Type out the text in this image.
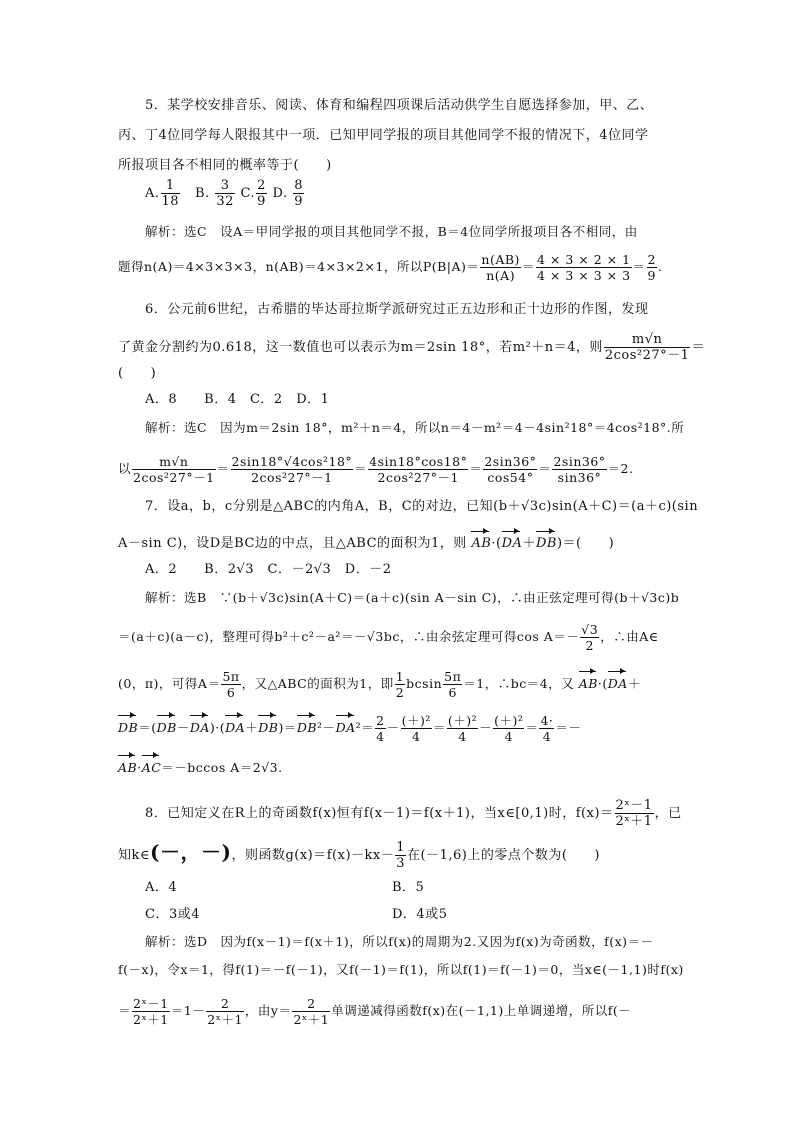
5．某学校安排音乐、阅读、体育和编程四项课后活动供学生自愿选择参加，甲、乙、
丙、丁4位同学每人限报其中一项．已知甲同学报的项目其他同学不报的情况下，4位同学
所报项目各不相同的概率等于(　　)
A. $\frac{1}{18} B$. $\frac{3}{32} C$. $\frac{2}{9} D$. $\frac{8}{9}$
解析：选C　设A＝甲同学报的项目其他同学不报，B＝4位同学所报项目各不相同，由
题得n(A)＝4×3×3×3，n(AB)＝4×3×2×1，所以$P(B|A)= \frac{n(AB)}{n(A)} = \frac{4 \times 3 \times 2 \times 1}{4 \times 3 \times 3 \times 3} = \frac{2}{9}$ .
6．公元前6世纪，古希腊的毕达哥拉斯学派研究过正五边形和正十边形的作图，发现
了黄金分割约为0.618，这一数值也可以表示为m＝2sin 18°，若m²＋n＝4，则 $\frac{m√n}{\text{2cos²27°－1}}$ ＝
(　　)
A．8　　B．4　C．2　D．1
解析：选C　因为m＝2sin 18°，m²＋n＝4，所以n＝4－m²＝4－4sin²18°＝4cos²18°.所
以 $\frac{m√n}{\text{2cos²27°－1}} = \frac{\text{2sin18°√4cos²18°}}{\text{2cos²27°－1}} = \frac{4\sin 18^\circ\cos 18^\circ}{\text{2cos²27°－1}} = \frac{2\sin 36^\circ}{\cos 54^\circ} = \frac{2\sin 36^\circ}{\sin 36^\circ} =2$.
7．设a，b，c分别是△ABC的内角A，B，C的对边，已知(b＋√3c)sin(A＋C)＝(a＋c)(sin
A－sin C)，设D是BC边的中点，且△ABC的面积为1，则 AB·(DA＋DB)＝(　　)
A．2　　B．2√3　C．－2√3　D．－2
解析：选B　∵(b＋√3c)sin(A＋C)＝(a＋c)(sin A－sin C)，∴由正弦定理可得(b＋√3c)b
＝(a＋c)(a－c)，整理可得b²＋c²－a²＝－√3bc，∴由余弦定理可得$\cos A=- \frac{√3}{2}$ ，∴由A∈
(0，π)，可得$A= \frac{5\pi}{6}$ ，又△ABC的面积为1，即 $\frac{1}{2}$ bcsin $\frac{5\pi}{6} =1$，∴bc＝4，又 AB·(DA＋
$DB=(DB-DA)\cdot(DA+DB)=DB^2-DA^2= \frac{2}{4} - \frac{\text{(＋)²}}{4} = \frac{\text{(＋)²}}{4} - \frac{\text{(＋)²}}{4} = \frac{4\cdot}{4}$ ＝－
AB·AC＝－bccos A＝2√3.
8．已知定义在R上的奇函数f(x)恒有f(x－1)＝f(x＋1)，当x∈[0,1)时，$f(x)= \frac{\text{2ˣ－1}}{\text{2ˣ＋1}}$ ，已
知k∈(－，－)，则函数$g(x)=f(x)-kx- \frac{1}{3}$ 在(－1,6)上的零点个数为(　　)
A．4	B．5
C．3或4	D．4或5
解析：选D　因为f(x－1)＝f(x＋1)，所以f(x)的周期为2.又因为f(x)为奇函数，f(x)＝－
f(－x)，令x＝1，得f(1)＝－f(－1)，又f(－1)＝f(1)，所以f(1)＝f(－1)＝0，当x∈(－1,1)时f(x)
＝ $\frac{\text{2ˣ－1}}{\text{2ˣ＋1}} =1- \frac{2}{\text{2ˣ＋1}}$ ，由$y= \frac{2}{\text{2ˣ＋1}}$ 单调递减得函数f(x)在(－1,1)上单调递增，所以f(－
